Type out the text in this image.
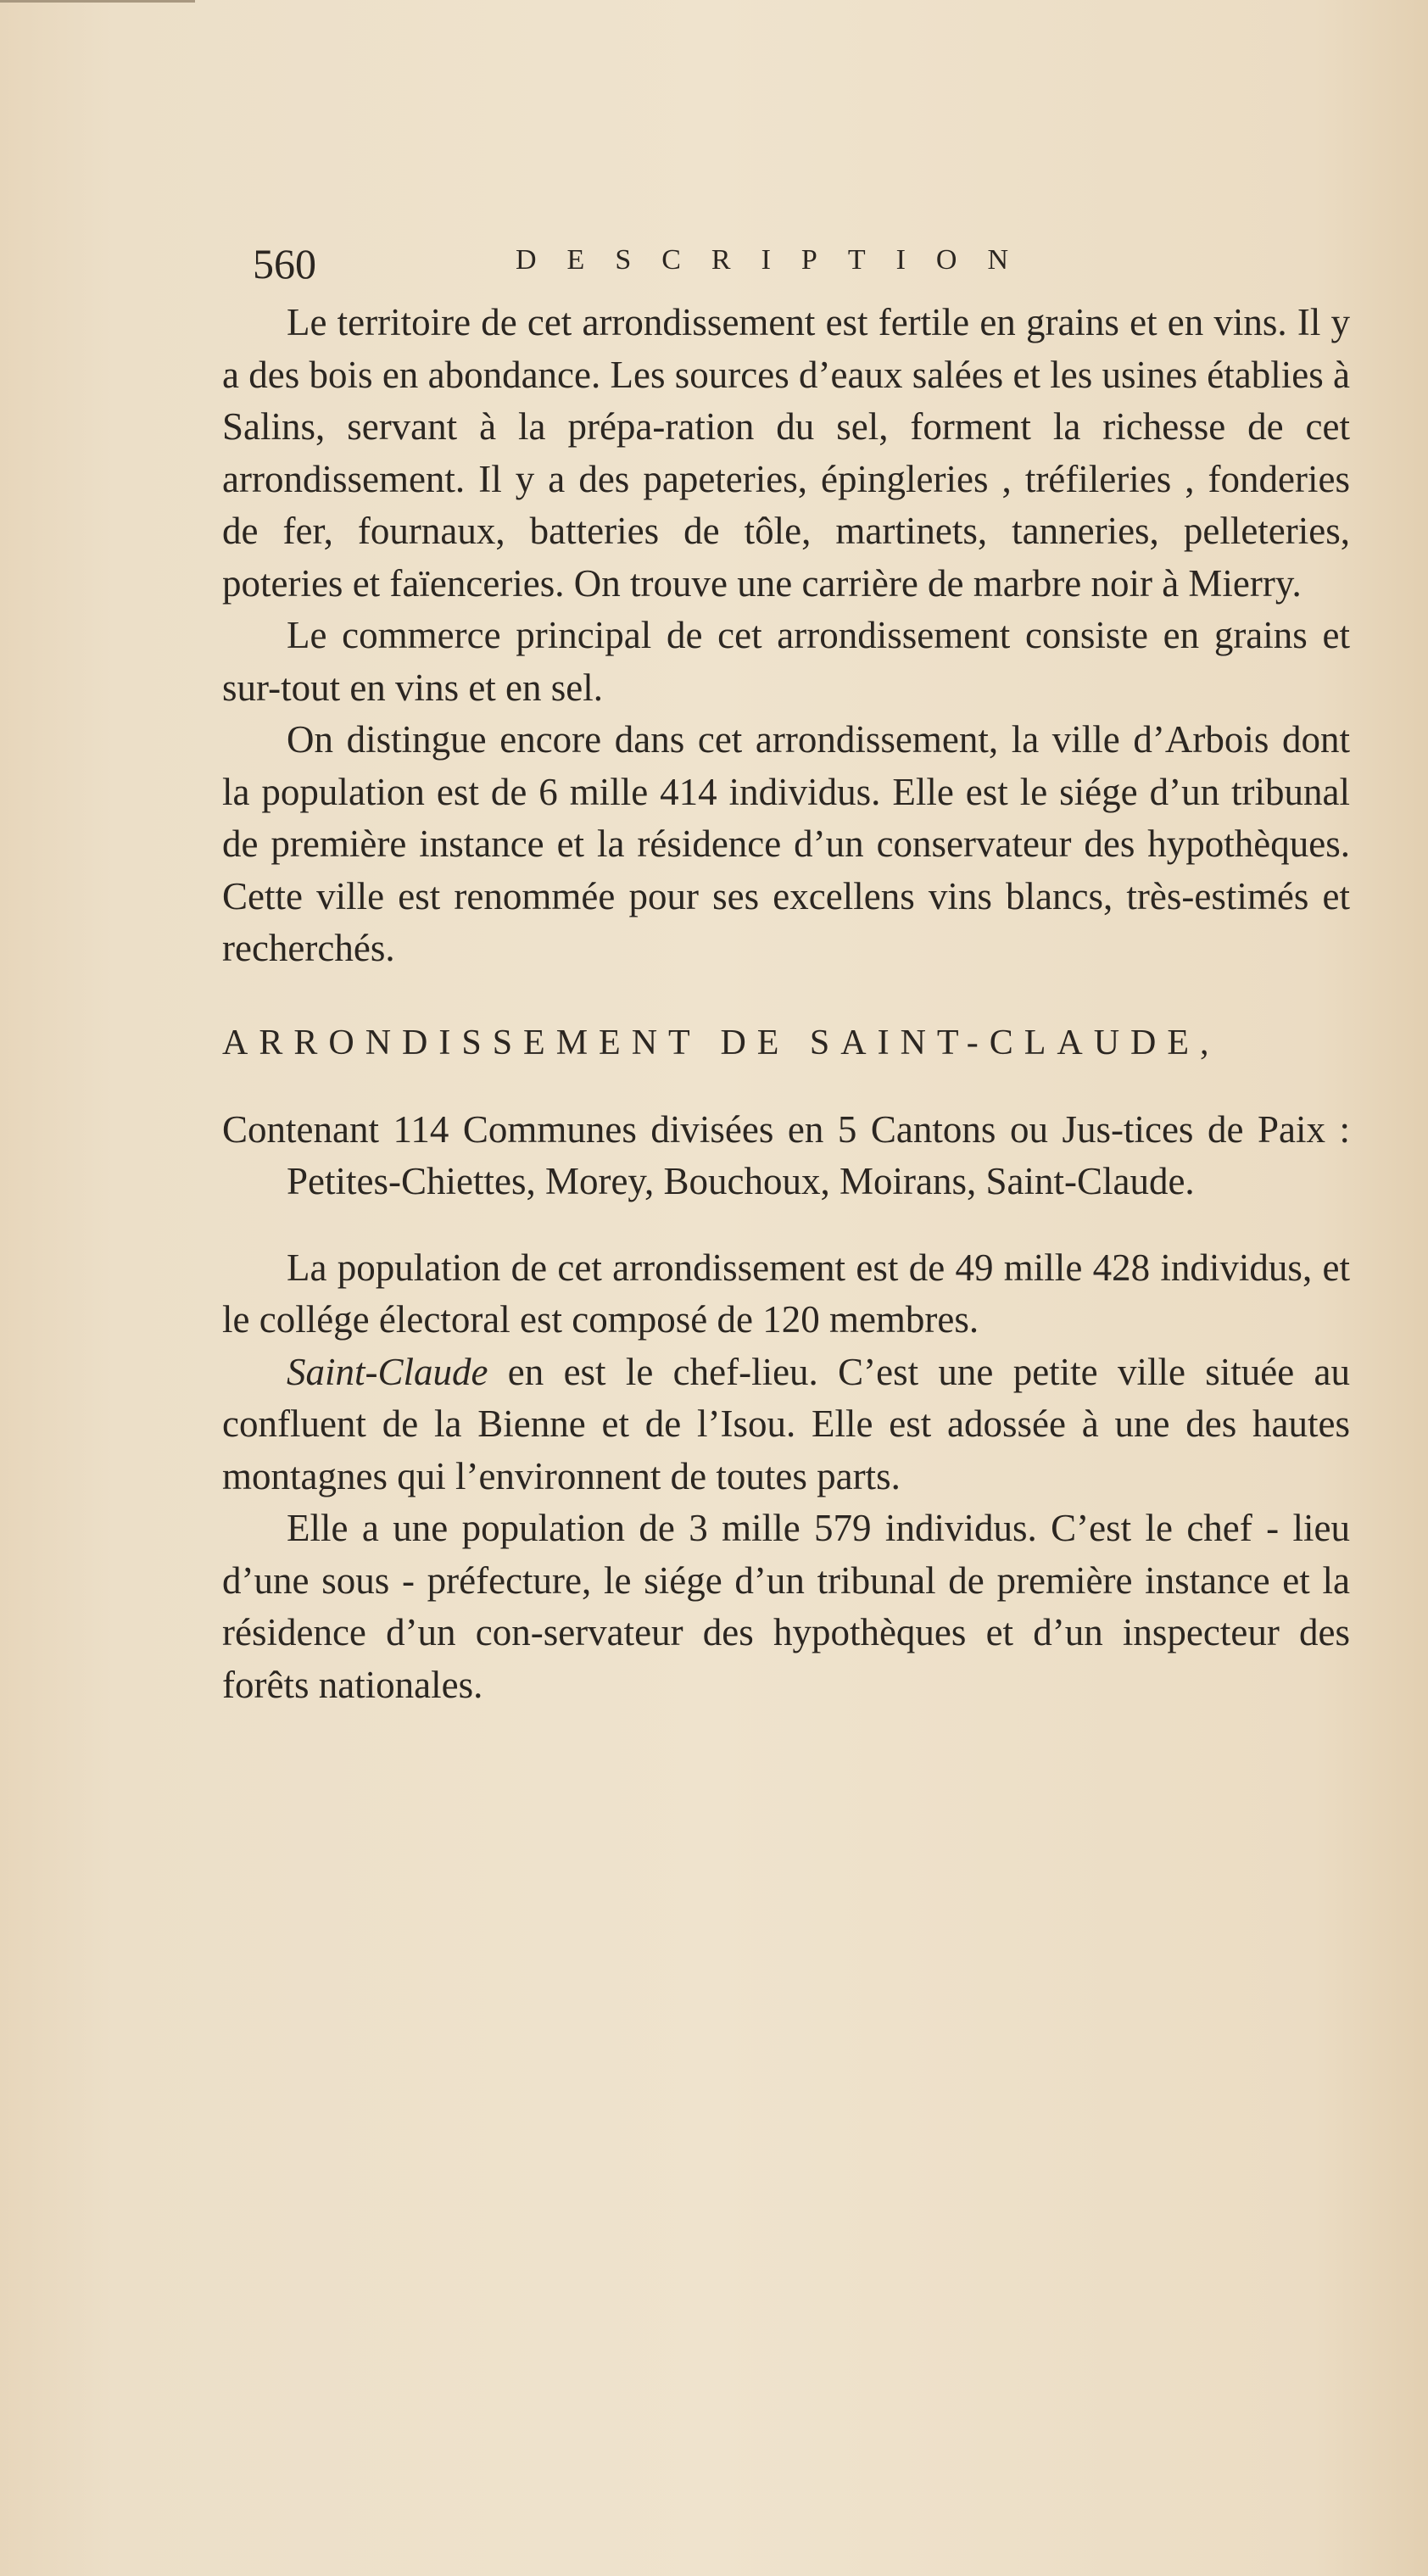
560	DESCRIPTION

Le territoire de cet arrondissement est fertile en grains et en vins. Il y a des bois en abondance. Les sources d’eaux salées et les usines établies à Salins, servant à la prépa-ration du sel, forment la richesse de cet arrondissement. Il y a des papeteries, épingleries , tréfileries , fonderies de fer, fournaux, batteries de tôle, martinets, tanneries, pelleteries, poteries et faïenceries. On trouve une carrière de marbre noir à Mierry.

Le commerce principal de cet arrondissement consiste en grains et sur-tout en vins et en sel.

On distingue encore dans cet arrondissement, la ville d’Arbois dont la population est de 6 mille 414 individus. Elle est le siége d’un tribunal de première instance et la résidence d’un conservateur des hypothèques. Cette ville est renommée pour ses excellens vins blancs, très-estimés et recherchés.

ARRONDISSEMENT DE SAINT-CLAUDE,

Contenant 114 Communes divisées en 5 Cantons ou Jus-tices de Paix : Petites-Chiettes, Morey, Bouchoux, Moirans, Saint-Claude.

La population de cet arrondissement est de 49 mille 428 individus, et le collége électoral est composé de 120 membres.

Saint-Claude en est le chef-lieu. C’est une petite ville située au confluent de la Bienne et de l’Isou. Elle est adossée à une des hautes montagnes qui l’environnent de toutes parts.

Elle a une population de 3 mille 579 individus. C’est le chef - lieu d’une sous - préfecture, le siége d’un tribunal de première instance et la résidence d’un con-servateur des hypothèques et d’un inspecteur des forêts nationales.
